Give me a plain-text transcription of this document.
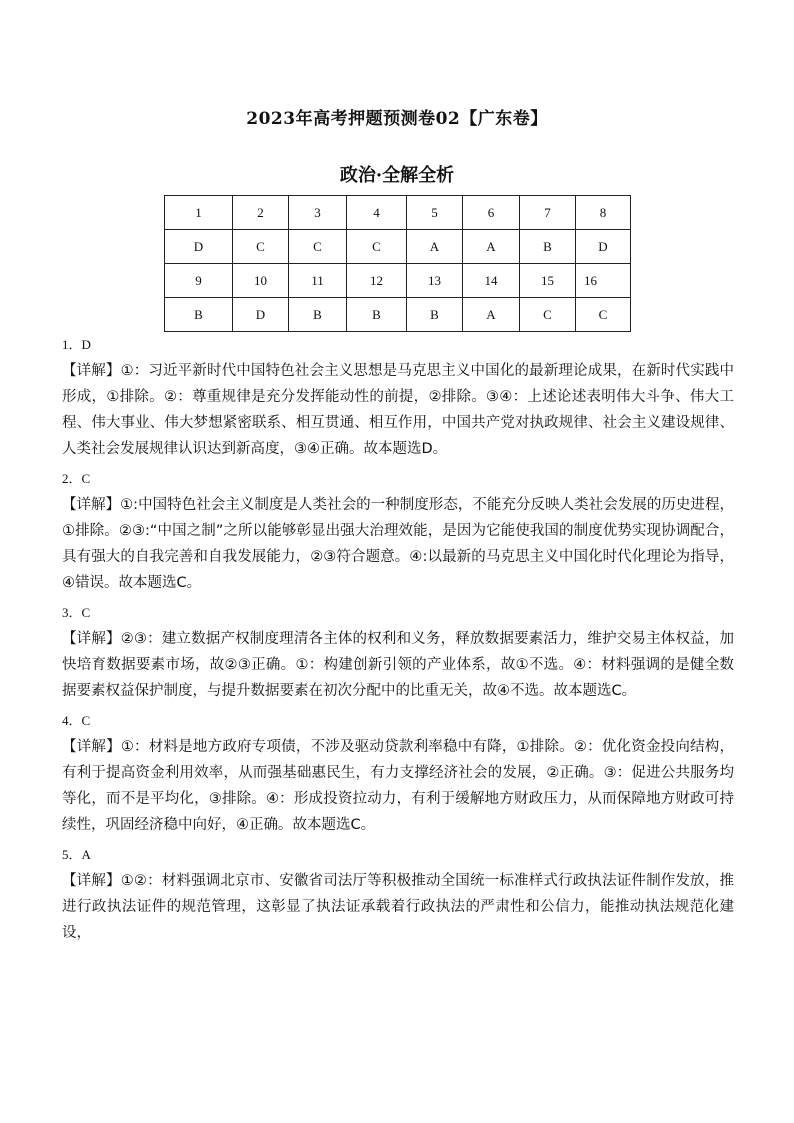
2023年高考押题预测卷02【广东卷】
政治·全解全析
1	2	3	4	5	6	7	8
D	C	C	C	A	A	B	D
9	10	11	12	13	14	15	16
B	D	B	B	B	A	C	C
1．D

【详解】①：习近平新时代中国特色社会主义思想是马克思主义中国化的最新理论成果，在新时代实践中形成，①排除。②：尊重规律是充分发挥能动性的前提，②排除。③④：上述论述表明伟大斗争、伟大工程、伟大事业、伟大梦想紧密联系、相互贯通、相互作用，中国共产党对执政规律、社会主义建设规律、人类社会发展规律认识达到新高度，③④正确。故本题选D。

2．C

【详解】①:中国特色社会主义制度是人类社会的一种制度形态，不能充分反映人类社会发展的历史进程，①排除。②③:“中国之制”之所以能够彰显出强大治理效能，是因为它能使我国的制度优势实现协调配合，具有强大的自我完善和自我发展能力，②③符合题意。④:以最新的马克思主义中国化时代化理论为指导，④错误。故本题选C。

3．C

【详解】②③：建立数据产权制度理清各主体的权利和义务，释放数据要素活力，维护交易主体权益，加快培育数据要素市场，故②③正确。①：构建创新引领的产业体系，故①不选。④：材料强调的是健全数据要素权益保护制度，与提升数据要素在初次分配中的比重无关，故④不选。故本题选C。

4．C

【详解】①：材料是地方政府专项债，不涉及驱动贷款利率稳中有降，①排除。②：优化资金投向结构，有利于提高资金利用效率，从而强基础惠民生，有力支撑经济社会的发展，②正确。③：促进公共服务均等化，而不是平均化，③排除。④：形成投资拉动力，有利于缓解地方财政压力，从而保障地方财政可持续性，巩固经济稳中向好，④正确。故本题选C。

5．A

【详解】①②：材料强调北京市、安徽省司法厅等积极推动全国统一标准样式行政执法证件制作发放，推进行政执法证件的规范管理，这彰显了执法证承载着行政执法的严肃性和公信力，能推动执法规范化建设，
